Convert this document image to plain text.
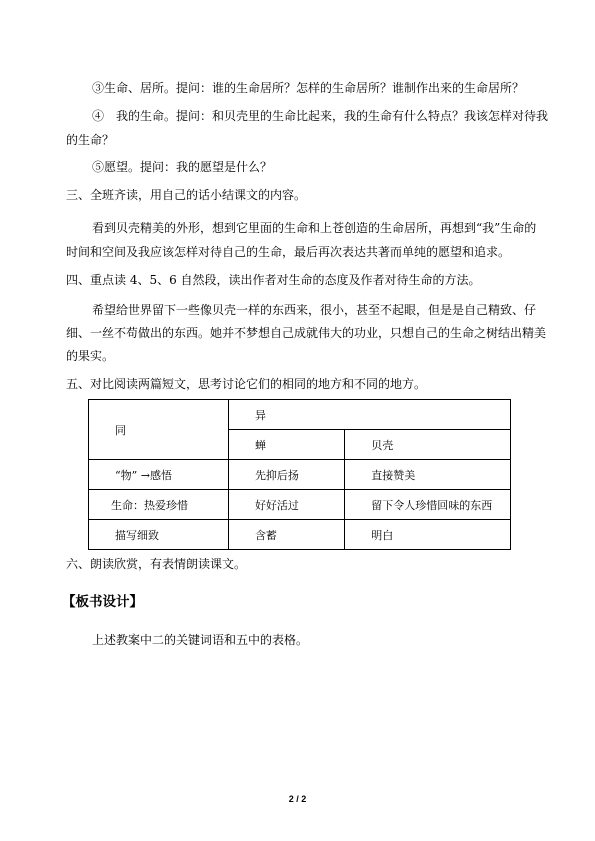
③生命、居所。提问：谁的生命居所？怎样的生命居所？谁制作出来的生命居所？
④　我的生命。提问：和贝壳里的生命比起来，我的生命有什么特点？我该怎样对待我
的生命？
⑤愿望。提问：我的愿望是什么？
三、全班齐读，用自己的话小结课文的内容。
看到贝壳精美的外形，想到它里面的生命和上苍创造的生命居所，再想到“我”生命的
时间和空间及我应该怎样对待自己的生命，最后再次表达共著而单纯的愿望和追求。
四、重点读 4、5、6 自然段，读出作者对生命的态度及作者对待生命的方法。
希望给世界留下一些像贝壳一样的东西来，很小，甚至不起眼，但是是自己精致、仔
细、一丝不苟做出的东西。她并不梦想自己成就伟大的功业，只想自己的生命之树结出精美
的果实。
五、对比阅读两篇短文，思考讨论它们的相同的地方和不同的地方。
同	异	
	蝉	贝壳
“物” →感悟	先抑后扬	直接赞美
生命：热爱珍惜	好好活过	留下令人珍惜回味的东西
描写细致	含蓄	明白
六、朗读欣赏，有表情朗读课文。
【板书设计】
上述教案中二的关键词语和五中的表格。
2 / 2
